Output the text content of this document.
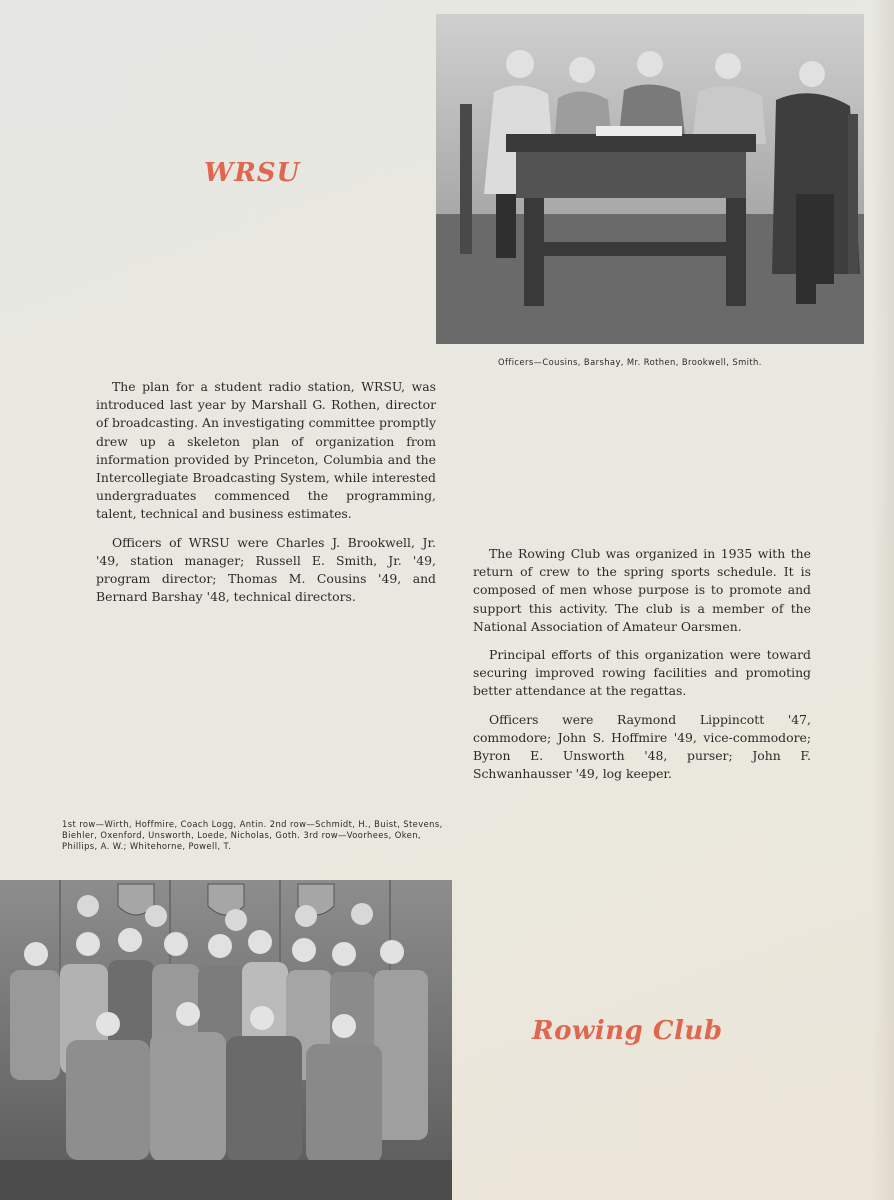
WRSU
Officers—Cousins, Barshay, Mr. Rothen, Brookwell, Smith.

The plan for a student radio station, WRSU, was introduced last year by Marshall G. Rothen, director of broadcasting. An investigating committee promptly drew up a skeleton plan of organization from information provided by Princeton, Columbia and the Intercollegiate Broadcasting System, while interested undergraduates commenced the programming, talent, technical and business estimates.

Officers of WRSU were Charles J. Brookwell, Jr. '49, station manager; Russell E. Smith, Jr. '49, program director; Thomas M. Cousins '49, and Bernard Barshay '48, technical directors.

The Rowing Club was organized in 1935 with the return of crew to the spring sports schedule. It is composed of men whose purpose is to promote and support this activity. The club is a member of the National Association of Amateur Oarsmen.

Principal efforts of this organization were toward securing improved rowing facilities and promoting better attendance at the regattas.

Officers were Raymond Lippincott '47, commodore; John S. Hoffmire '49, vice-commodore; Byron E. Unsworth '48, purser; John F. Schwanhausser '49, log keeper.

1st row—Wirth, Hoffmire, Coach Logg, Antin. 2nd row—Schmidt, H., Buist, Stevens, Biehler, Oxenford, Unsworth, Loede, Nicholas, Goth. 3rd row—Voorhees, Oken, Phillips, A. W.; Whitehorne, Powell, T.
Rowing Club
